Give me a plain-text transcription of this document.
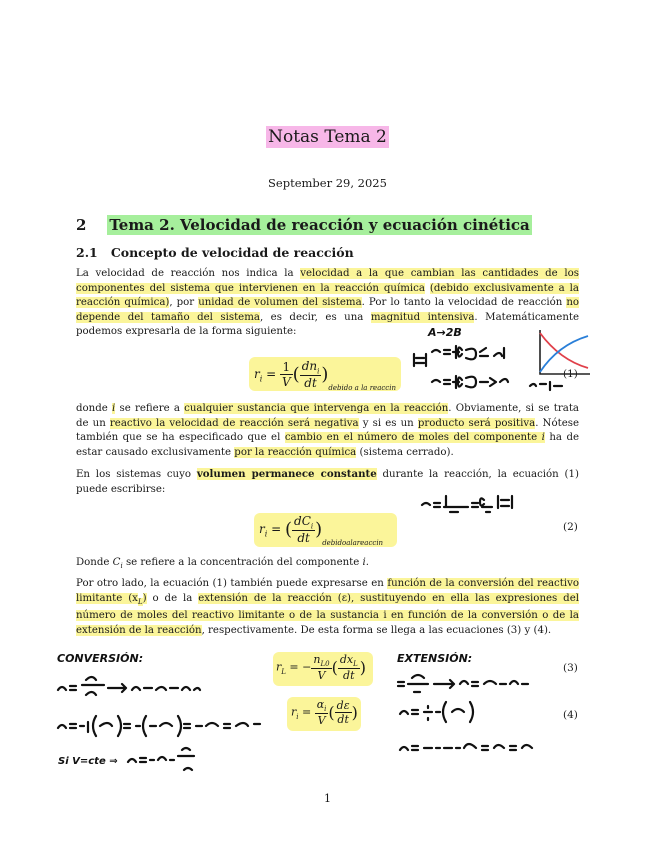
Notas Tema 2
September 29, 2025
2 Tema 2. Velocidad de reacción y ecuación cinética
2.1 Concepto de velocidad de reacción
La velocidad de reacción nos indica la velocidad a la que cambian las cantidades de los componentes del sistema que intervienen en la reacción química (debido exclusivamente a la reacción química), por unidad de volumen del sistema. Por lo tanto la velocidad de reacción no depende del tamaño del sistema, es decir, es una magnitud intensiva. Matemáticamente podemos expresarla de la forma siguiente:
$r_i = \frac{1}{V}$ ( $\frac{dn_i}{dt} )_{debido a la reaccin}$
(1)
donde i se refiere a cualquier sustancia que intervenga en la reacción. Obviamente, si se trata de un reactivo la velocidad de reacción será negativa y si es un producto será positiva. Nótese también que se ha especificado que el cambio en el número de moles del componente i ha de estar causado exclusivamente por la reacción química (sistema cerrado).
En los sistemas cuyo volumen permanece constante durante la reacción, la ecuación (1) puede escribirse:
$r_i$ = ( $\frac{dC_i}{dt} )_{debidoalareaccin}$
(2)
Donde $C_i$ se refiere a la concentración del componente i.
Por otro lado, la ecuación (1) también puede expresarse en función de la conversión del reactivo limitante $(x_L)$ o de la extensión de la reacción (ε), sustituyendo en ella las expresiones del número de moles del reactivo limitante o de la sustancia i en función de la conversión o de la extensión de la reacción, respectivamente. De esta forma se llega a las ecuaciones (3) y (4).
$r_L$ = − $\frac{n_{L0}}{V}$ ( $\frac{dx_L}{dt}$ )	(3)
$r_i = \frac{\alpha_i}{V}$ ( $\frac{d\varepsilon}{dt}$ )	(4)
A→2B
CONVERSIÓN:
Si V=cte ⇒
EXTENSIÓN:
1
